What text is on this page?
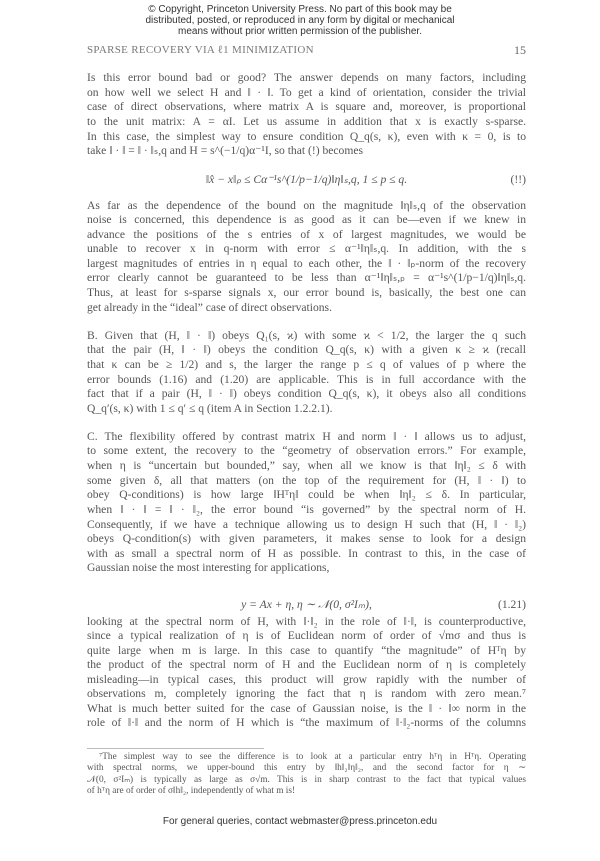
© Copyright, Princeton University Press. No part of this book may be
distributed, posted, or reproduced in any form by digital or mechanical
means without prior written permission of the publisher.
SPARSE RECOVERY VIA ℓ1 MINIMIZATION	15
Is this error bound bad or good? The answer depends on many factors, including
on how well we select H and ‖ · ‖. To get a kind of orientation, consider the trivial
case of direct observations, where matrix A is square and, moreover, is proportional
to the unit matrix: A = αI. Let us assume in addition that x is exactly s-sparse.
In this case, the simplest way to ensure condition Q_q(s, κ), even with κ = 0, is to
take ‖ · ‖ = ‖ · ‖ₛ,q and H = s^(−1/q)α⁻¹I, so that (!) becomes
As far as the dependence of the bound on the magnitude ‖η‖ₛ,q of the observation
noise is concerned, this dependence is as good as it can be—even if we knew in
advance the positions of the s entries of x of largest magnitudes, we would be
unable to recover x in q-norm with error ≤ α⁻¹‖η‖ₛ,q. In addition, with the s
largest magnitudes of entries in η equal to each other, the ‖ · ‖ₚ-norm of the recovery
error clearly cannot be guaranteed to be less than α⁻¹‖η‖ₛ,ₚ = α⁻¹s^(1/p−1/q)‖η‖ₛ,q.
Thus, at least for s-sparse signals x, our error bound is, basically, the best one can
get already in the “ideal” case of direct observations.
B. Given that (H, ‖ · ‖) obeys Q₁(s, ϰ) with some ϰ < 1/2, the larger the q such
that the pair (H, ‖ · ‖) obeys the condition Q_q(s, κ) with a given κ ≥ ϰ (recall
that κ can be ≥ 1/2) and s, the larger the range p ≤ q of values of p where the
error bounds (1.16) and (1.20) are applicable. This is in full accordance with the
fact that if a pair (H, ‖ · ‖) obeys condition Q_q(s, κ), it obeys also all conditions
Q_q′(s, κ) with 1 ≤ q′ ≤ q (item A in Section 1.2.2.1).
C. The flexibility offered by contrast matrix H and norm ‖ · ‖ allows us to adjust,
to some extent, the recovery to the “geometry of observation errors.” For example,
when η is “uncertain but bounded,” say, when all we know is that ‖η‖₂ ≤ δ with
some given δ, all that matters (on the top of the requirement for (H, ‖ · ‖) to
obey Q-conditions) is how large ‖Hᵀη‖ could be when ‖η‖₂ ≤ δ. In particular,
when ‖ · ‖ = ‖ · ‖₂, the error bound “is governed” by the spectral norm of H.
Consequently, if we have a technique allowing us to design H such that (H, ‖ · ‖₂)
obeys Q-condition(s) with given parameters, it makes sense to look for a design
with as small a spectral norm of H as possible. In contrast to this, in the case of
Gaussian noise the most interesting for applications,
looking at the spectral norm of H, with ‖·‖₂ in the role of ‖·‖, is counterproductive,
since a typical realization of η is of Euclidean norm of order of √mσ and thus is
quite large when m is large. In this case to quantify “the magnitude” of Hᵀη by
the product of the spectral norm of H and the Euclidean norm of η is completely
misleading—in typical cases, this product will grow rapidly with the number of
observations m, completely ignoring the fact that η is random with zero mean.⁷
What is much better suited for the case of Gaussian noise, is the ‖ · ‖∞ norm in the
role of ‖·‖ and the norm of H which is “the maximum of ‖·‖₂-norms of the columns
‖x̂ − x‖ₚ ≤ Cα⁻¹s^(1/p−1/q)‖η‖ₛ,q, 1 ≤ p ≤ q.	(!!)
y = Ax + η, η ∼ 𝒩(0, σ²Iₘ),	(1.21)
⁷The simplest way to see the difference is to look at a particular entry hᵀη in Hᵀη. Operating
with spectral norms, we upper-bound this entry by ‖h‖₂‖η‖₂, and the second factor for η ∼
𝒩(0, σ²Iₘ) is typically as large as σ√m. This is in sharp contrast to the fact that typical values
of hᵀη are of order of σ‖h‖₂, independently of what m is!
For general queries, contact webmaster@press.princeton.edu
